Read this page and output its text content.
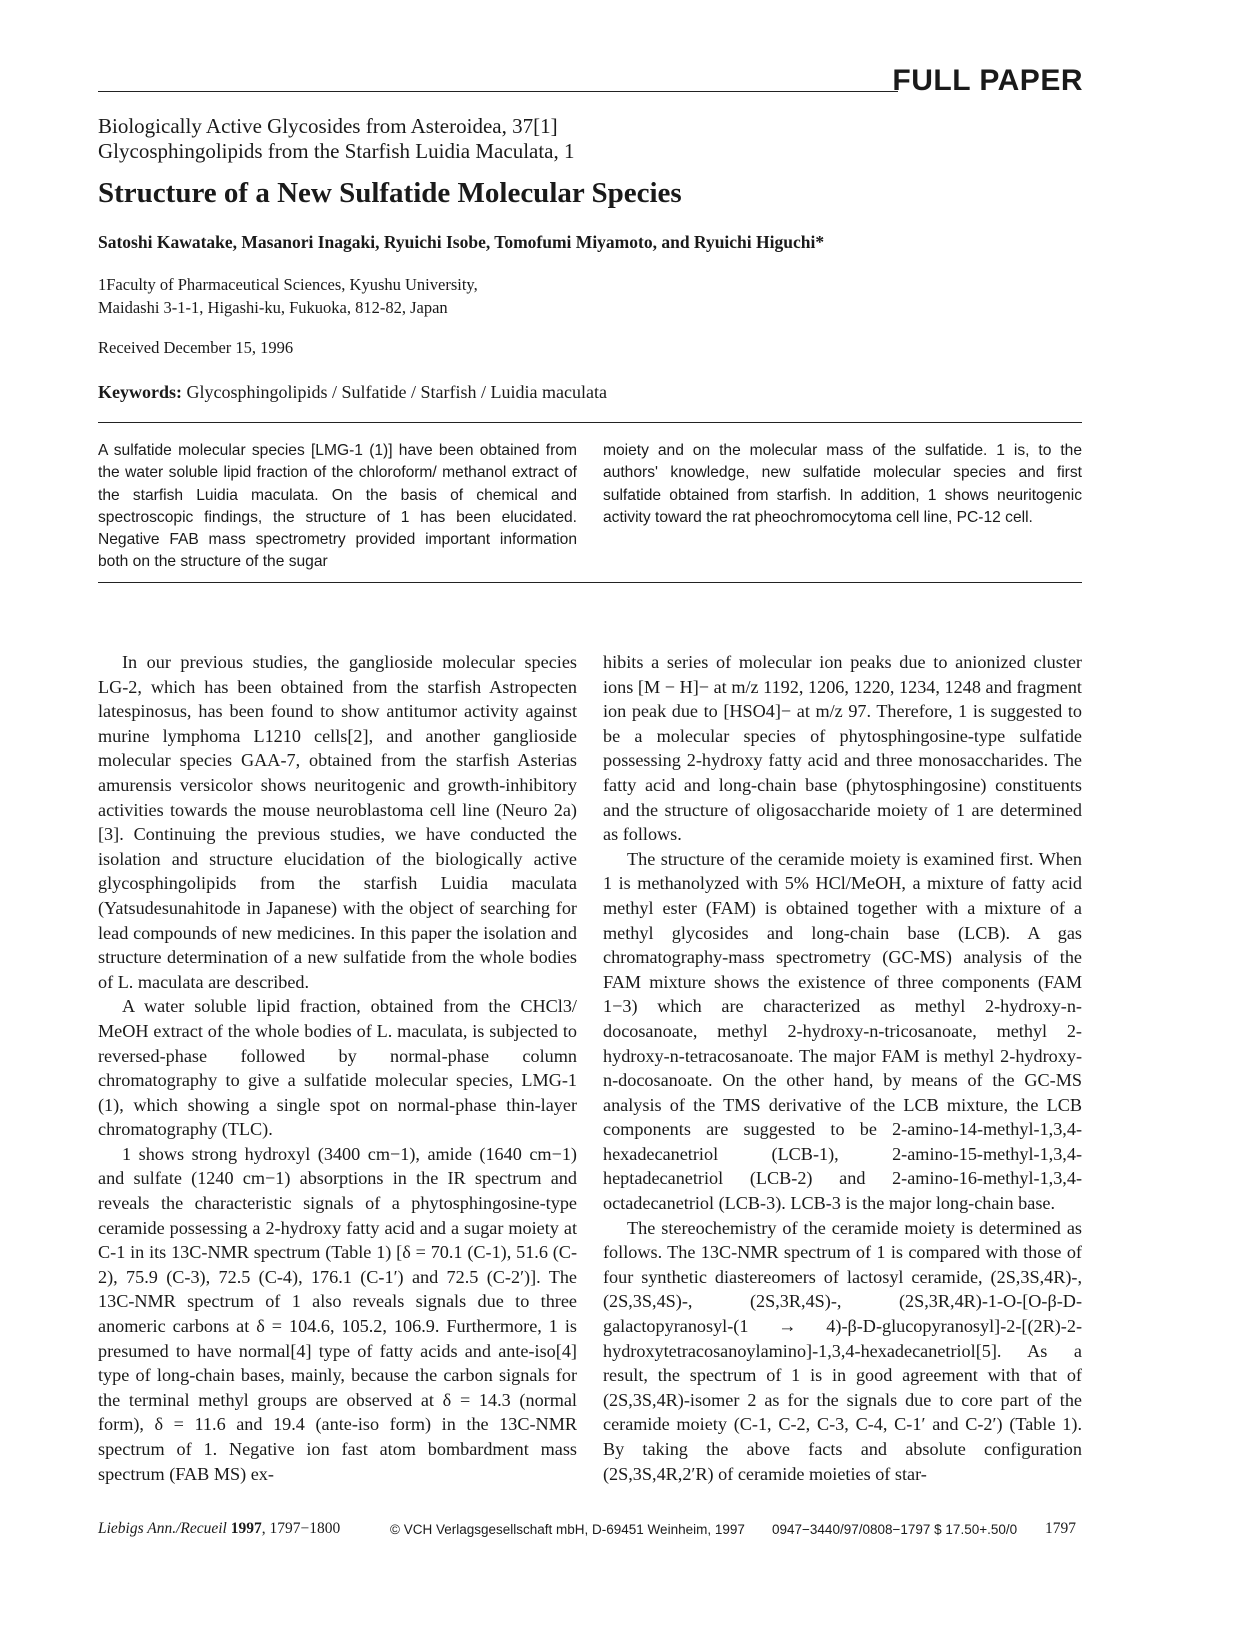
FULL PAPER
Biologically Active Glycosides from Asteroidea, 37[1]
Glycosphingolipids from the Starfish Luidia Maculata, 1
Structure of a New Sulfatide Molecular Species
Satoshi Kawatake, Masanori Inagaki, Ryuichi Isobe, Tomofumi Miyamoto, and Ryuichi Higuchi*
1Faculty of Pharmaceutical Sciences, Kyushu University,
Maidashi 3-1-1, Higashi-ku, Fukuoka, 812-82, Japan
Received December 15, 1996
Keywords: Glycosphingolipids / Sulfatide / Starfish / Luidia maculata
A sulfatide molecular species [LMG-1 (1)] have been obtained from the water soluble lipid fraction of the chloroform/ methanol extract of the starfish Luidia maculata. On the basis of chemical and spectroscopic findings, the structure of 1 has been elucidated. Negative FAB mass spectrometry provided important information both on the structure of the sugar
moiety and on the molecular mass of the sulfatide. 1 is, to the authors' knowledge, new sulfatide molecular species and first sulfatide obtained from starfish. In addition, 1 shows neuritogenic activity toward the rat pheochromocytoma cell line, PC-12 cell.

In our previous studies, the ganglioside molecular species LG-2, which has been obtained from the starfish Astropecten latespinosus, has been found to show antitumor activity against murine lymphoma L1210 cells[2], and another ganglioside molecular species GAA-7, obtained from the starfish Asterias amurensis versicolor shows neuritogenic and growth-inhibitory activities towards the mouse neuroblastoma cell line (Neuro 2a)[3]. Continuing the previous studies, we have conducted the isolation and structure elucidation of the biologically active glycosphingolipids from the starfish Luidia maculata (Yatsudesunahitode in Japanese) with the object of searching for lead compounds of new medicines. In this paper the isolation and structure determination of a new sulfatide from the whole bodies of L. maculata are described.

A water soluble lipid fraction, obtained from the CHCl3/ MeOH extract of the whole bodies of L. maculata, is subjected to reversed-phase followed by normal-phase column chromatography to give a sulfatide molecular species, LMG-1 (1), which showing a single spot on normal-phase thin-layer chromatography (TLC).

1 shows strong hydroxyl (3400 cm−1), amide (1640 cm−1) and sulfate (1240 cm−1) absorptions in the IR spectrum and reveals the characteristic signals of a phytosphingosine-type ceramide possessing a 2-hydroxy fatty acid and a sugar moiety at C-1 in its 13C-NMR spectrum (Table 1) [δ = 70.1 (C-1), 51.6 (C-2), 75.9 (C-3), 72.5 (C-4), 176.1 (C-1′) and 72.5 (C-2′)]. The 13C-NMR spectrum of 1 also reveals signals due to three anomeric carbons at δ = 104.6, 105.2, 106.9. Furthermore, 1 is presumed to have normal[4] type of fatty acids and ante-iso[4] type of long-chain bases, mainly, because the carbon signals for the terminal methyl groups are observed at δ = 14.3 (normal form), δ = 11.6 and 19.4 (ante-iso form) in the 13C-NMR spectrum of 1. Negative ion fast atom bombardment mass spectrum (FAB MS) ex-

hibits a series of molecular ion peaks due to anionized cluster ions [M − H]− at m/z 1192, 1206, 1220, 1234, 1248 and fragment ion peak due to [HSO4]− at m/z 97. Therefore, 1 is suggested to be a molecular species of phytosphingosine-type sulfatide possessing 2-hydroxy fatty acid and three monosaccharides. The fatty acid and long-chain base (phytosphingosine) constituents and the structure of oligosaccharide moiety of 1 are determined as follows.

The structure of the ceramide moiety is examined first. When 1 is methanolyzed with 5% HCl/MeOH, a mixture of fatty acid methyl ester (FAM) is obtained together with a mixture of a methyl glycosides and long-chain base (LCB). A gas chromatography-mass spectrometry (GC-MS) analysis of the FAM mixture shows the existence of three components (FAM 1−3) which are characterized as methyl 2-hydroxy-n-docosanoate, methyl 2-hydroxy-n-tricosanoate, methyl 2-hydroxy-n-tetracosanoate. The major FAM is methyl 2-hydroxy-n-docosanoate. On the other hand, by means of the GC-MS analysis of the TMS derivative of the LCB mixture, the LCB components are suggested to be 2-amino-14-methyl-1,3,4-hexadecanetriol (LCB-1), 2-amino-15-methyl-1,3,4-heptadecanetriol (LCB-2) and 2-amino-16-methyl-1,3,4-octadecanetriol (LCB-3). LCB-3 is the major long-chain base.

The stereochemistry of the ceramide moiety is determined as follows. The 13C-NMR spectrum of 1 is compared with those of four synthetic diastereomers of lactosyl ceramide, (2S,3S,4R)-, (2S,3S,4S)-, (2S,3R,4S)-, (2S,3R,4R)-1-O-[O-β-D-galactopyranosyl-(1 → 4)-β-D-glucopyranosyl]-2-[(2R)-2-hydroxytetracosanoylamino]-1,3,4-hexadecanetriol[5]. As a result, the spectrum of 1 is in good agreement with that of (2S,3S,4R)-isomer 2 as for the signals due to core part of the ceramide moiety (C-1, C-2, C-3, C-4, C-1′ and C-2′) (Table 1). By taking the above facts and absolute configuration (2S,3S,4R,2′R) of ceramide moieties of star-

Liebigs Ann./Recueil 1997, 1797−1800	© VCH Verlagsgesellschaft mbH, D-69451 Weinheim, 1997 0947−3440/97/0808−1797 $ 17.50+.50/0 1797
